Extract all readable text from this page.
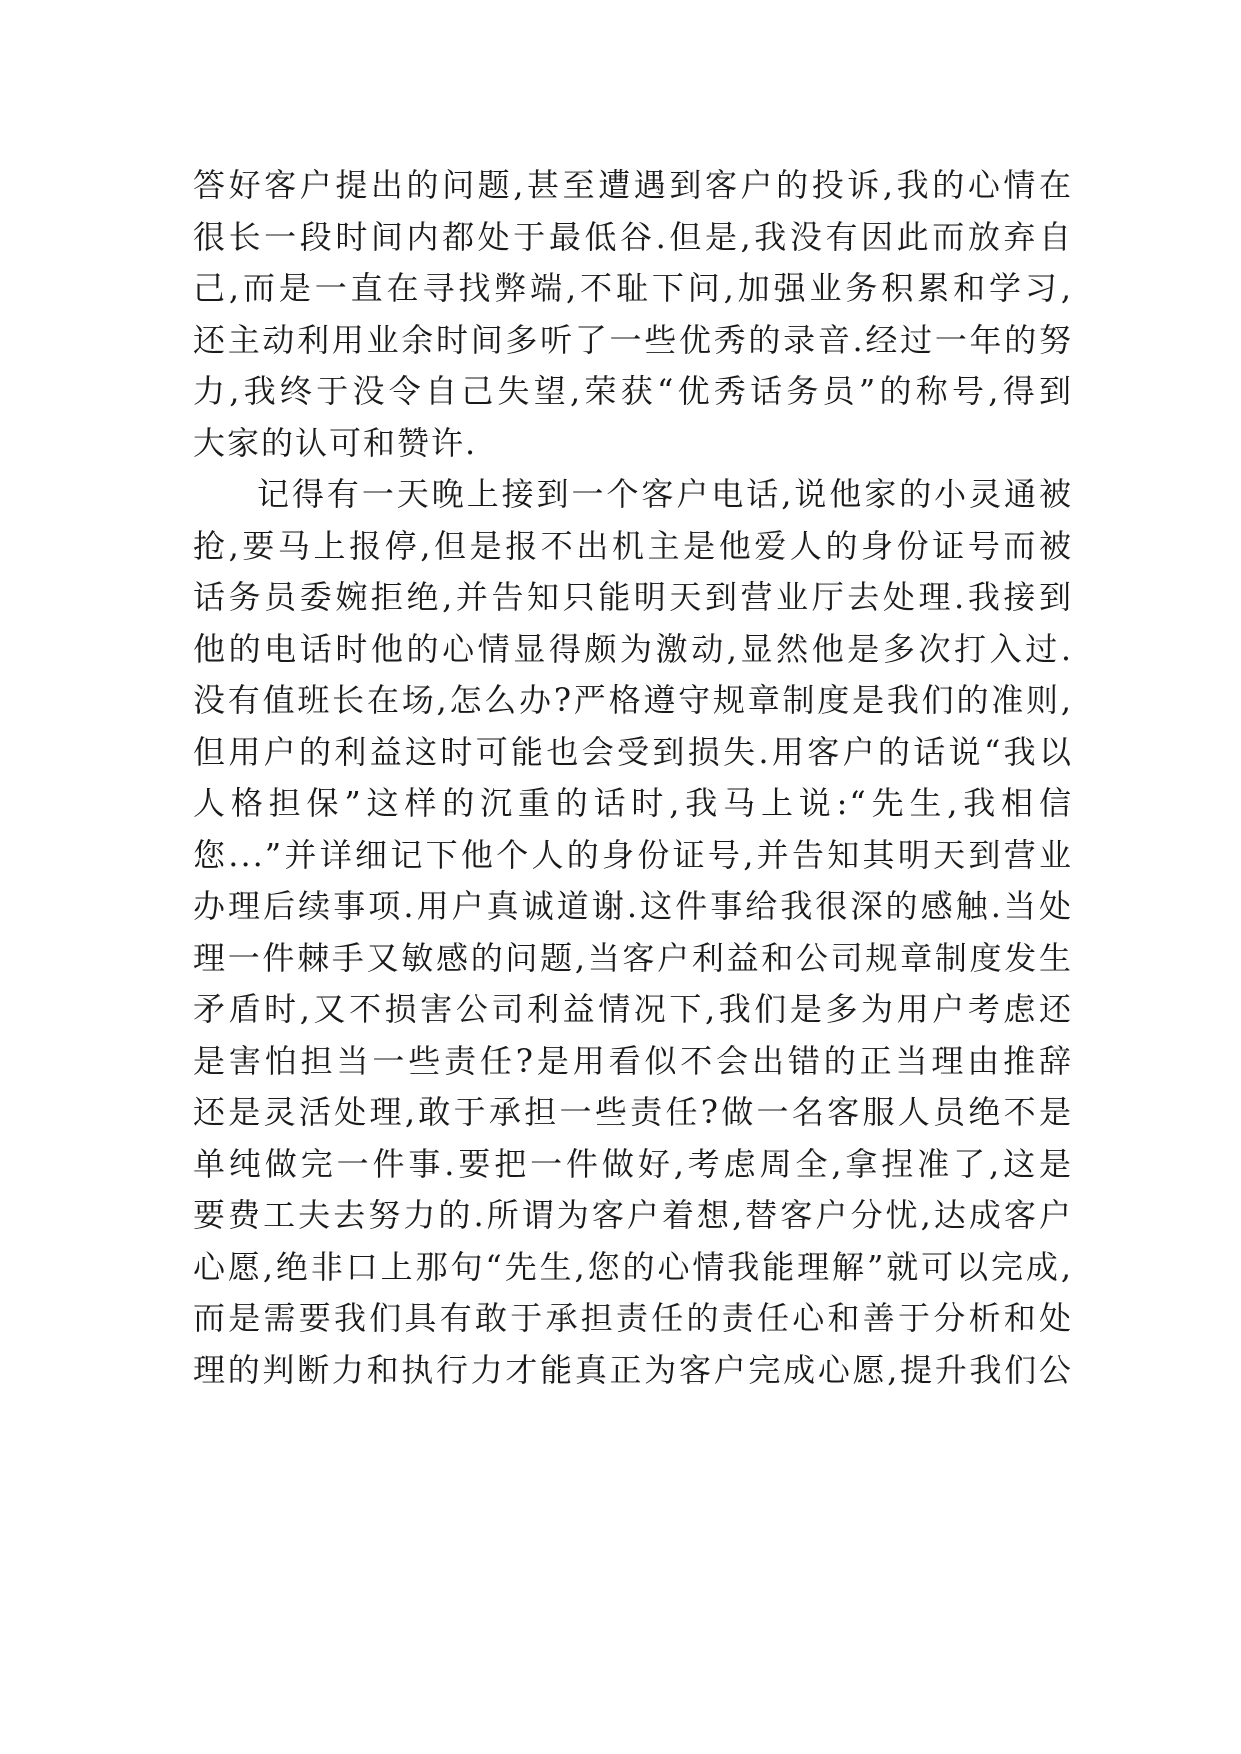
答好客户提出的问题,甚至遭遇到客户的投诉,我的心情在
很长一段时间内都处于最低谷.但是,我没有因此而放弃自
己,而是一直在寻找弊端,不耻下问,加强业务积累和学习,
还主动利用业余时间多听了一些优秀的录音.经过一年的努
力,我终于没令自己失望,荣获“优秀话务员”的称号,得到
大家的认可和赞许.
记得有一天晚上接到一个客户电话,说他家的小灵通被
抢,要马上报停,但是报不出机主是他爱人的身份证号而被
话务员委婉拒绝,并告知只能明天到营业厅去处理.我接到
他的电话时他的心情显得颇为激动,显然他是多次打入过.
没有值班长在场,怎么办?严格遵守规章制度是我们的准则,
但用户的利益这时可能也会受到损失.用客户的话说“我以
人格担保”这样的沉重的话时,我马上说:“先生,我相信
您...”并详细记下他个人的身份证号,并告知其明天到营业
办理后续事项.用户真诚道谢.这件事给我很深的感触.当处
理一件棘手又敏感的问题,当客户利益和公司规章制度发生
矛盾时,又不损害公司利益情况下,我们是多为用户考虑还
是害怕担当一些责任?是用看似不会出错的正当理由推辞
还是灵活处理,敢于承担一些责任?做一名客服人员绝不是
单纯做完一件事.要把一件做好,考虑周全,拿捏准了,这是
要费工夫去努力的.所谓为客户着想,替客户分忧,达成客户
心愿,绝非口上那句“先生,您的心情我能理解”就可以完成,
而是需要我们具有敢于承担责任的责任心和善于分析和处
理的判断力和执行力才能真正为客户完成心愿,提升我们公
